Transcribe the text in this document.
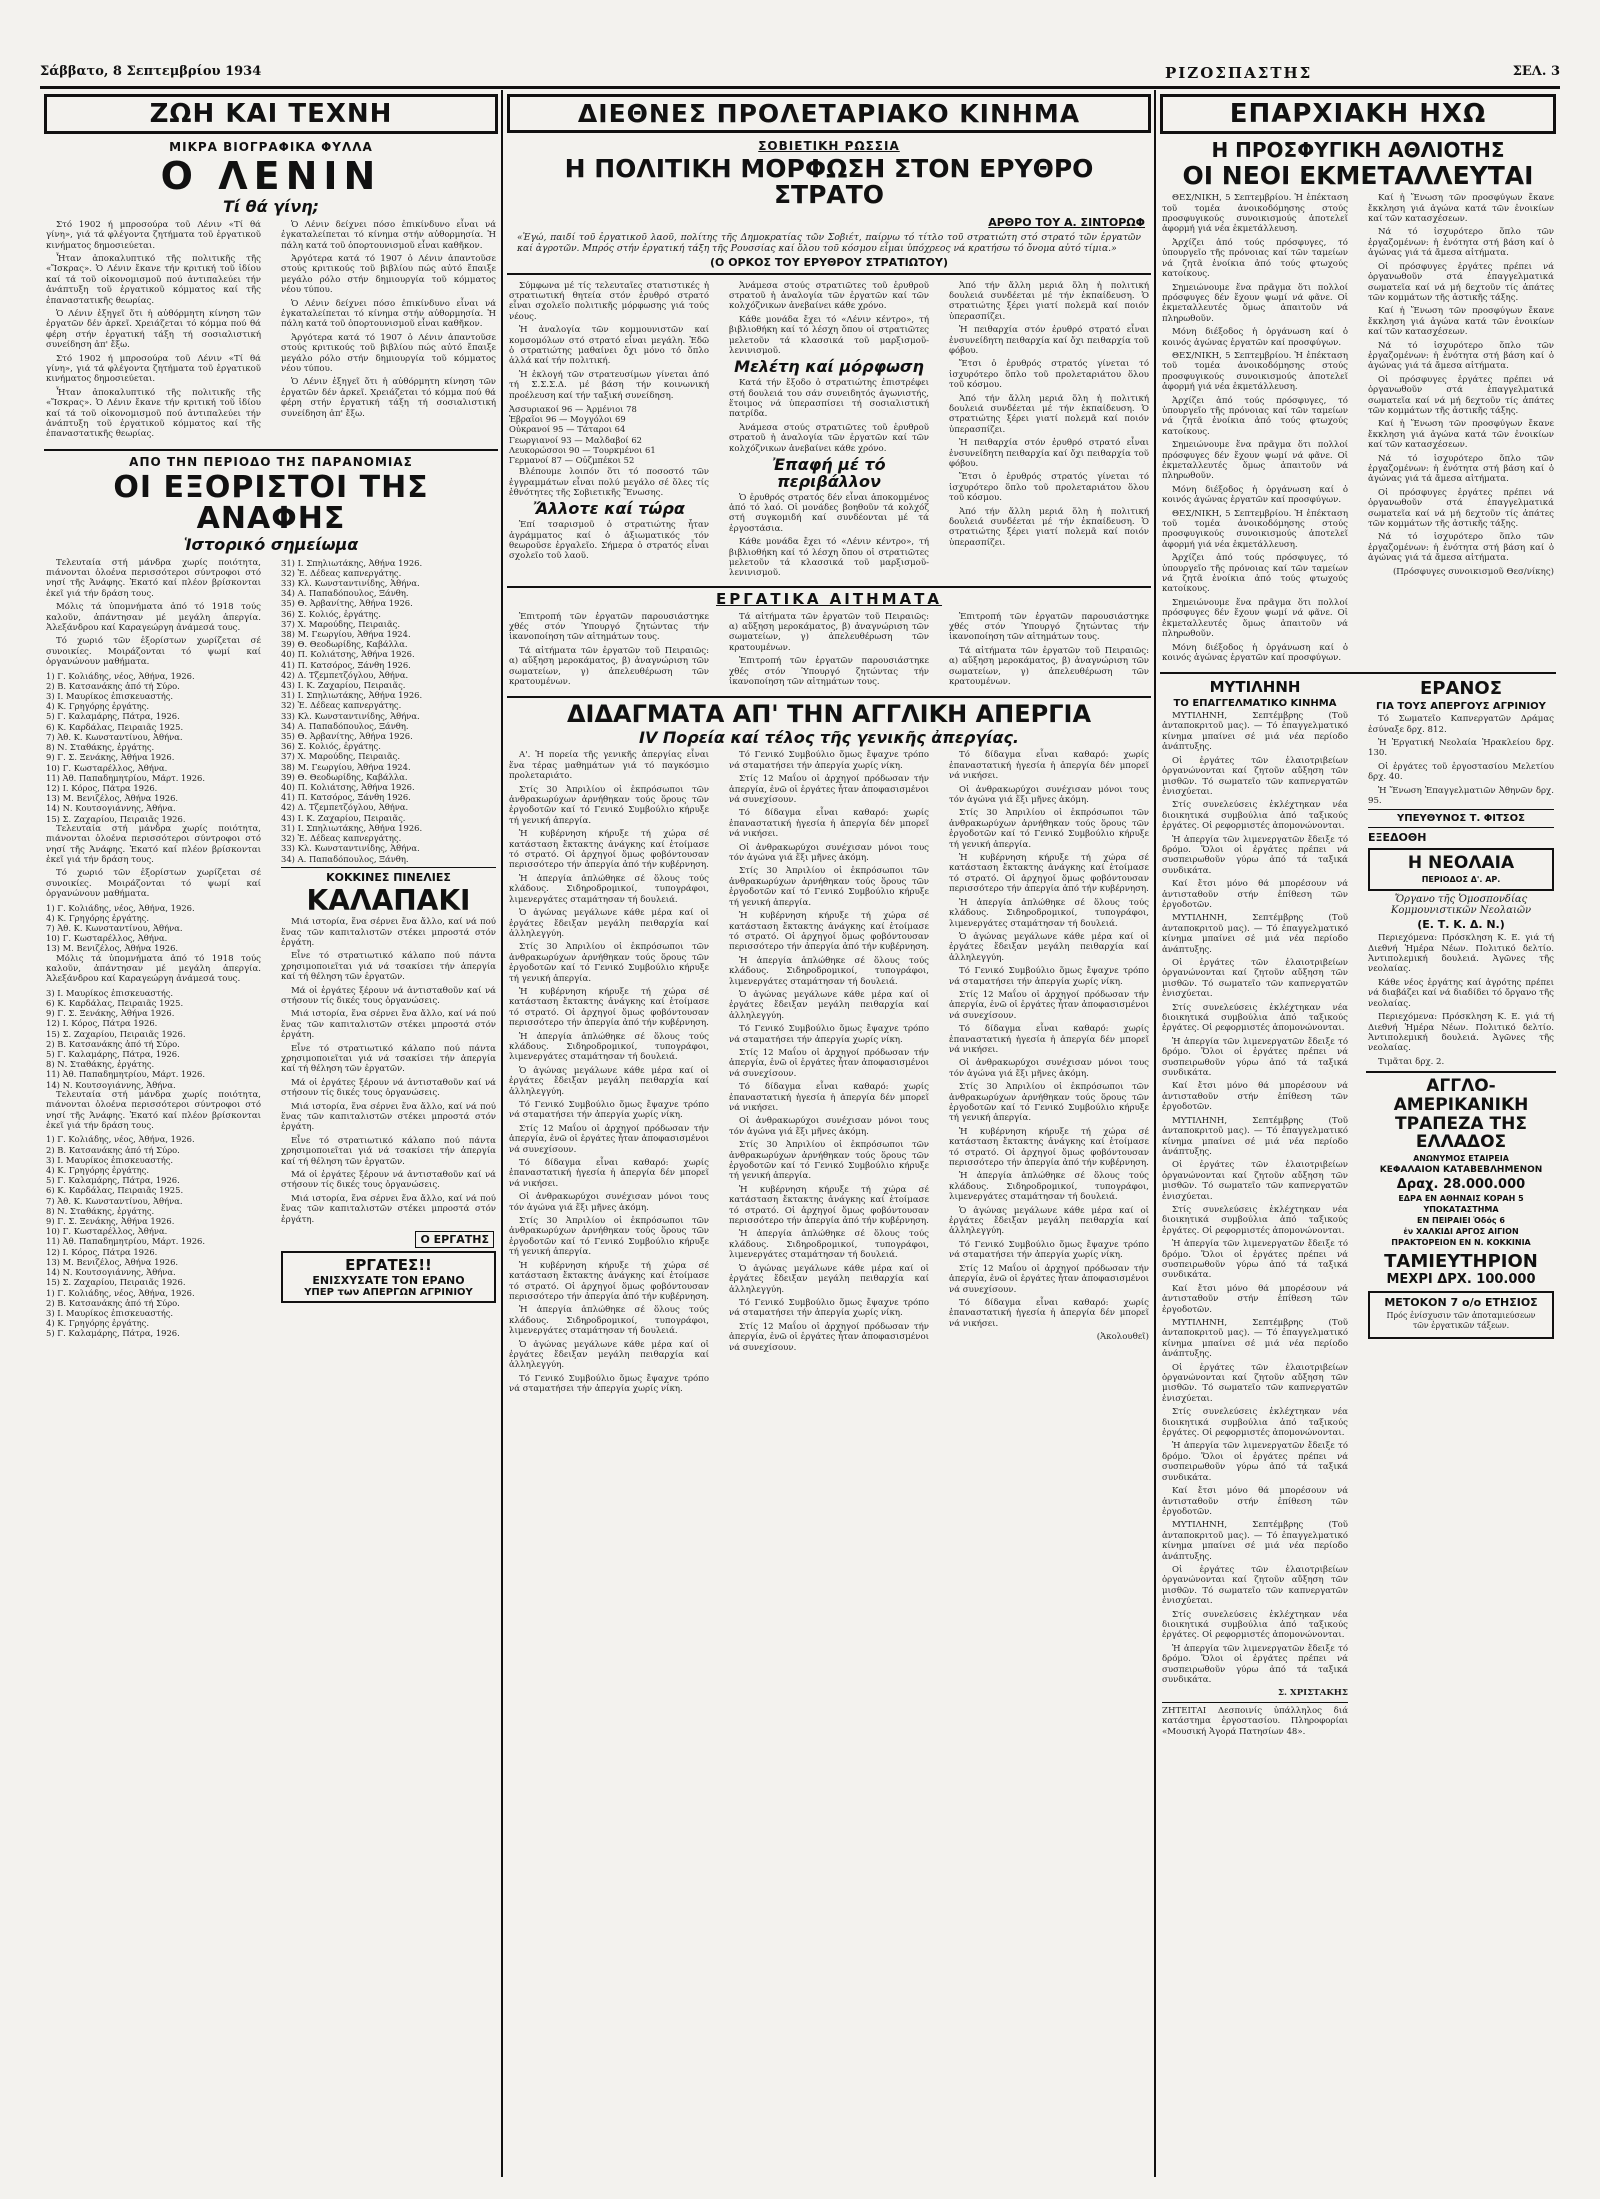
Σάββατο, 8 Σεπτεμβρίου 1934	ΡΙΖΟΣΠΑΣΤΗΣ	ΣΕΛ. 3
ΖΩΗ ΚΑΙ ΤΕΧΝΗ
ΜΙΚΡΑ ΒΙΟΓΡΑΦΙΚΑ ΦΥΛΛΑ
Ο ΛΕΝΙΝ
Τί θά γίνη;

Στό 1902 ή μπροσούρα τοῦ Λένιν «Τί θά γίνη», γιά τά φλέγοντα ζητήματα τοῦ ἐργατικοῦ κινήματος δημοσιεύεται.

Ἦταν ἀποκαλυπτικό τῆς πολιτικῆς τῆς «Ἴσκρας». Ὁ Λένιν ἔκανε τήν κριτική τοῦ ἰδίου καί τά τοῦ οἰκονομισμοῦ πού ἀντιπαλεύει τήν ἀνάπτυξη τοῦ ἐργατικοῦ κόμματος καί τῆς ἐπαναστατικῆς θεωρίας.

Ὁ Λένιν ἐξηγεῖ ὅτι ἡ αὐθόρμητη κίνηση τῶν ἐργατῶν δέν ἀρκεῖ. Χρειάζεται τό κόμμα πού θά φέρη στήν ἐργατική τάξη τή σοσιαλιστική συνείδηση ἀπ' ἔξω.

Στό 1902 ή μπροσούρα τοῦ Λένιν «Τί θά γίνη», γιά τά φλέγοντα ζητήματα τοῦ ἐργατικοῦ κινήματος δημοσιεύεται.

Ἦταν ἀποκαλυπτικό τῆς πολιτικῆς τῆς «Ἴσκρας». Ὁ Λένιν ἔκανε τήν κριτική τοῦ ἰδίου καί τά τοῦ οἰκονομισμοῦ πού ἀντιπαλεύει τήν ἀνάπτυξη τοῦ ἐργατικοῦ κόμματος καί τῆς ἐπαναστατικῆς θεωρίας.

Ὁ Λένιν δείχνει πόσο ἐπικίνδυνο εἶναι νά ἐγκαταλείπεται τό κίνημα στήν αὐθορμησία. Ἡ πάλη κατά τοῦ ὀπορτουνισμοῦ εἶναι καθῆκον.

Ἀργότερα κατά τό 1907 ὁ Λένιν ἀπαντοῦσε στούς κριτικούς τοῦ βιβλίου πώς αὐτό ἔπαιξε μεγάλο ρόλο στήν δημιουργία τοῦ κόμματος νέου τύπου.

Ὁ Λένιν δείχνει πόσο ἐπικίνδυνο εἶναι νά ἐγκαταλείπεται τό κίνημα στήν αὐθορμησία. Ἡ πάλη κατά τοῦ ὀπορτουνισμοῦ εἶναι καθῆκον.

Ἀργότερα κατά τό 1907 ὁ Λένιν ἀπαντοῦσε στούς κριτικούς τοῦ βιβλίου πώς αὐτό ἔπαιξε μεγάλο ρόλο στήν δημιουργία τοῦ κόμματος νέου τύπου.

Ὁ Λένιν ἐξηγεῖ ὅτι ἡ αὐθόρμητη κίνηση τῶν ἐργατῶν δέν ἀρκεῖ. Χρειάζεται τό κόμμα πού θά φέρη στήν ἐργατική τάξη τή σοσιαλιστική συνείδηση ἀπ' ἔξω.

ΑΠΟ ΤΗΝ ΠΕΡΙΟΔΟ ΤΗΣ ΠΑΡΑΝΟΜΙΑΣ
ΟΙ ΕΞΟΡΙΣΤΟΙ ΤΗΣ ΑΝΑΦΗΣ
Ἱστορικό σημείωμα

Τελευταία στή μάνδρα χωρίς ποιότητα, πιάνονται ὁλοένα περισσότεροι σύντροφοι στό νησί τῆς Ἀνάφης. Ἑκατό καί πλέον βρίσκονται ἐκεῖ γιά τήν δράση τους.

Μόλις τά ὑπομνήματα ἀπό τό 1918 τούς καλοῦν, ἀπάντησαν μέ μεγάλη ἀπεργία. Ἀλεξάνδρου καί Καραγεώργη ἀνάμεσά τους.

Τό χωριό τῶν ἐξορίστων χωρίζεται σέ συνοικίες. Μοιράζονται τό ψωμί καί ὀργανώνουν μαθήματα.

1) Γ. Κολιάδης, νέος, Ἀθήνα, 1926.
2) Β. Κατσανάκης ἀπό τή Σύρο.
3) Ι. Μαυρίκος ἐπισκευαστής.
4) Κ. Γρηγόρης ἐργάτης.
5) Γ. Καλαμάρης, Πάτρα, 1926.
6) Κ. Καρδάλας, Πειραιᾶς 1925.
7) Ἀθ. Κ. Κωνσταντίνου, Ἀθήνα.
8) Ν. Σταθάκης, ἐργάτης.
9) Γ. Σ. Ξενάκης, Ἀθήνα 1926.
10) Γ. Κωσταρέλλος, Ἀθήνα.
11) Ἀθ. Παπαδημητρίου, Μάρτ. 1926.
12) Ι. Κόρος, Πάτρα 1926.
13) Μ. Βενιζέλος, Ἀθήνα 1926.
14) Ν. Κουτσογιάννης, Ἀθήνα.
15) Σ. Ζαχαρίου, Πειραιᾶς 1926.

Τελευταία στή μάνδρα χωρίς ποιότητα, πιάνονται ὁλοένα περισσότεροι σύντροφοι στό νησί τῆς Ἀνάφης. Ἑκατό καί πλέον βρίσκονται ἐκεῖ γιά τήν δράση τους.

Τό χωριό τῶν ἐξορίστων χωρίζεται σέ συνοικίες. Μοιράζονται τό ψωμί καί ὀργανώνουν μαθήματα.

1) Γ. Κολιάδης, νέος, Ἀθήνα, 1926.
4) Κ. Γρηγόρης ἐργάτης.
7) Ἀθ. Κ. Κωνσταντίνου, Ἀθήνα.
10) Γ. Κωσταρέλλος, Ἀθήνα.
13) Μ. Βενιζέλος, Ἀθήνα 1926.

Μόλις τά ὑπομνήματα ἀπό τό 1918 τούς καλοῦν, ἀπάντησαν μέ μεγάλη ἀπεργία. Ἀλεξάνδρου καί Καραγεώργη ἀνάμεσά τους.

3) Ι. Μαυρίκος ἐπισκευαστής.
6) Κ. Καρδάλας, Πειραιᾶς 1925.
9) Γ. Σ. Ξενάκης, Ἀθήνα 1926.
12) Ι. Κόρος, Πάτρα 1926.
15) Σ. Ζαχαρίου, Πειραιᾶς 1926.
2) Β. Κατσανάκης ἀπό τή Σύρο.
5) Γ. Καλαμάρης, Πάτρα, 1926.
8) Ν. Σταθάκης, ἐργάτης.
11) Ἀθ. Παπαδημητρίου, Μάρτ. 1926.
14) Ν. Κουτσογιάννης, Ἀθήνα.

Τελευταία στή μάνδρα χωρίς ποιότητα, πιάνονται ὁλοένα περισσότεροι σύντροφοι στό νησί τῆς Ἀνάφης. Ἑκατό καί πλέον βρίσκονται ἐκεῖ γιά τήν δράση τους.

1) Γ. Κολιάδης, νέος, Ἀθήνα, 1926.
2) Β. Κατσανάκης ἀπό τή Σύρο.
3) Ι. Μαυρίκος ἐπισκευαστής.
4) Κ. Γρηγόρης ἐργάτης.
5) Γ. Καλαμάρης, Πάτρα, 1926.
6) Κ. Καρδάλας, Πειραιᾶς 1925.
7) Ἀθ. Κ. Κωνσταντίνου, Ἀθήνα.
8) Ν. Σταθάκης, ἐργάτης.
9) Γ. Σ. Ξενάκης, Ἀθήνα 1926.
10) Γ. Κωσταρέλλος, Ἀθήνα.
11) Ἀθ. Παπαδημητρίου, Μάρτ. 1926.
12) Ι. Κόρος, Πάτρα 1926.
13) Μ. Βενιζέλος, Ἀθήνα 1926.
14) Ν. Κουτσογιάννης, Ἀθήνα.
15) Σ. Ζαχαρίου, Πειραιᾶς 1926.
1) Γ. Κολιάδης, νέος, Ἀθήνα, 1926.
2) Β. Κατσανάκης ἀπό τή Σύρο.
3) Ι. Μαυρίκος ἐπισκευαστής.
4) Κ. Γρηγόρης ἐργάτης.
5) Γ. Καλαμάρης, Πάτρα, 1926.
31) Ι. Σπηλιωτάκης, Ἀθήνα 1926.
32) Ἐ. Δέδεας καπνεργάτης.
33) Κλ. Κωνσταντινίδης, Ἀθήνα.
34) Α. Παπαδόπουλος, Ξάνθη.
35) Θ. Ἀρβανίτης, Ἀθήνα 1926.
36) Σ. Κολιός, ἐργάτης.
37) Χ. Μαρούδης, Πειραιᾶς.
38) Μ. Γεωργίου, Ἀθήνα 1924.
39) Θ. Θεοδωρίδης, Καβάλλα.
40) Π. Κολιάτσης, Ἀθήνα 1926.
41) Π. Κατσόρος, Ξάνθη 1926.
42) Δ. Τζεμπετζόγλου, Ἀθήνα.
43) Ι. Κ. Ζαχαρίου, Πειραιᾶς.
31) Ι. Σπηλιωτάκης, Ἀθήνα 1926.
32) Ἐ. Δέδεας καπνεργάτης.
33) Κλ. Κωνσταντινίδης, Ἀθήνα.
34) Α. Παπαδόπουλος, Ξάνθη.
35) Θ. Ἀρβανίτης, Ἀθήνα 1926.
36) Σ. Κολιός, ἐργάτης.
37) Χ. Μαρούδης, Πειραιᾶς.
38) Μ. Γεωργίου, Ἀθήνα 1924.
39) Θ. Θεοδωρίδης, Καβάλλα.
40) Π. Κολιάτσης, Ἀθήνα 1926.
41) Π. Κατσόρος, Ξάνθη 1926.
42) Δ. Τζεμπετζόγλου, Ἀθήνα.
43) Ι. Κ. Ζαχαρίου, Πειραιᾶς.
31) Ι. Σπηλιωτάκης, Ἀθήνα 1926.
32) Ἐ. Δέδεας καπνεργάτης.
33) Κλ. Κωνσταντινίδης, Ἀθήνα.
34) Α. Παπαδόπουλος, Ξάνθη.
ΚΟΚΚΙΝΕΣ ΠΙΝΕΛΙΕΣ
ΚΑΛΑΠΑΚΙ

Μιά ιστορία, ἕνα σέρνει ἕνα ἄλλο, καί νά πού ἕνας τῶν καπιταλιστῶν στέκει μπροστά στόν ἐργάτη.

Εἶνε τό στρατιωτικό κάλαπο πού πάντα χρησιμοποιεῖται γιά νά τσακίσει τήν ἀπεργία καί τή θέληση τῶν ἐργατῶν.

Μά οἱ ἐργάτες ξέρουν νά ἀντισταθοῦν καί νά στήσουν τίς δικές τους ὀργανώσεις.

Μιά ιστορία, ἕνα σέρνει ἕνα ἄλλο, καί νά πού ἕνας τῶν καπιταλιστῶν στέκει μπροστά στόν ἐργάτη.

Εἶνε τό στρατιωτικό κάλαπο πού πάντα χρησιμοποιεῖται γιά νά τσακίσει τήν ἀπεργία καί τή θέληση τῶν ἐργατῶν.

Μά οἱ ἐργάτες ξέρουν νά ἀντισταθοῦν καί νά στήσουν τίς δικές τους ὀργανώσεις.

Μιά ιστορία, ἕνα σέρνει ἕνα ἄλλο, καί νά πού ἕνας τῶν καπιταλιστῶν στέκει μπροστά στόν ἐργάτη.

Εἶνε τό στρατιωτικό κάλαπο πού πάντα χρησιμοποιεῖται γιά νά τσακίσει τήν ἀπεργία καί τή θέληση τῶν ἐργατῶν.

Μά οἱ ἐργάτες ξέρουν νά ἀντισταθοῦν καί νά στήσουν τίς δικές τους ὀργανώσεις.

Μιά ιστορία, ἕνα σέρνει ἕνα ἄλλο, καί νά πού ἕνας τῶν καπιταλιστῶν στέκει μπροστά στόν ἐργάτη.

Ο ΕΡΓΑΤΗΣ
ΕΡΓΑΤΕΣ!!
ΕΝΙΣΧΥΣΑΤΕ ΤΟΝ ΕΡΑΝΟ
ΥΠΕΡ των ΑΠΕΡΓΩΝ ΑΓΡΙΝΙΟΥ
ΔΙΕΘΝΕΣ ΠΡΟΛΕΤΑΡΙΑΚΟ ΚΙΝΗΜΑ
ΣΟΒΙΕΤΙΚΗ ΡΩΣΣΙΑ
Η ΠΟΛΙΤΙΚΗ ΜΟΡΦΩΣΗ ΣΤΟΝ ΕΡΥΘΡΟ ΣΤΡΑΤΟ
ΑΡΘΡΟ ΤΟΥ Α. ΣΙΝΤΟΡΩΦ
«Ἐγώ, παιδί τοῦ ἐργατικοῦ λαοῦ, πολίτης τῆς Δημοκρατίας τῶν Σοβιέτ, παίρνω τό τίτλο τοῦ στρατιώτη στό στρατό τῶν ἐργατῶν καί ἀγροτῶν. Μπρός στήν ἐργατική τάξη τῆς Ρουσσίας καί ὅλου τοῦ κόσμου εἶμαι ὑπόχρεος νά κρατήσω τό ὄνομα αὐτό τίμια.»
(Ο ΟΡΚΟΣ ΤΟΥ ΕΡΥΘΡΟΥ ΣΤΡΑΤΙΩΤΟΥ)

Σύμφωνα μέ τίς τελευταῖες στατιστικές ἡ στρατιωτική θητεία στόν ἐρυθρό στρατό εἶναι σχολεῖο πολιτικῆς μόρφωσης γιά τούς νέους.

Ἡ ἀναλογία τῶν κομμουνιστῶν καί κομσομόλων στό στρατό εἶναι μεγάλη. Ἐδῶ ὁ στρατιώτης μαθαίνει ὄχι μόνο τό ὅπλο ἀλλά καί τήν πολιτική.

Ἡ ἐκλογή τῶν στρατευσίμων γίνεται ἀπό τή Σ.Σ.Σ.Δ. μέ βάση τήν κοινωνική προέλευση καί τήν ταξική συνείδηση.

Ἀσσυριακοί 96 — Ἀρμένιοι 78
Ἑβραῖοι 96 — Μογγόλοι 69
Οὐκρανοί 95 — Τάταροι 64
Γεωργιανοί 93 — Μαλδαβοί 62
Λευκορώσσοι 90 — Τουρκμένοι 61
Γερμανοί 87 — Οὐζμπέκοι 52

Βλέπουμε λοιπόν ὅτι τό ποσοστό τῶν ἐγγραμμάτων εἶναι πολύ μεγάλο σέ ὅλες τίς ἐθνότητες τῆς Σοβιετικῆς Ἕνωσης.

Ἄλλοτε καί τώρα

Ἐπί τσαρισμοῦ ὁ στρατιώτης ἦταν ἀγράμματος καί ὁ ἀξιωματικός τόν θεωροῦσε ἐργαλεῖο. Σήμερα ὁ στρατός εἶναι σχολεῖο τοῦ λαοῦ.

Ἀνάμεσα στούς στρατιῶτες τοῦ ἐρυθροῦ στρατοῦ ἡ ἀναλογία τῶν ἐργατῶν καί τῶν κολχόζνικων ἀνεβαίνει κάθε χρόνο.

Κάθε μονάδα ἔχει τό «Λένιν κέντρο», τή βιβλιοθήκη καί τό λέσχη ὅπου οἱ στρατιῶτες μελετοῦν τά κλασσικά τοῦ μαρξισμοῦ-λενινισμοῦ.

Μελέτη καί μόρφωση

Κατά τήν ἔξοδο ὁ στρατιώτης ἐπιστρέφει στή δουλειά του σάν συνειδητός ἀγωνιστής, ἕτοιμος νά ὑπερασπίσει τή σοσιαλιστική πατρίδα.

Ἀνάμεσα στούς στρατιῶτες τοῦ ἐρυθροῦ στρατοῦ ἡ ἀναλογία τῶν ἐργατῶν καί τῶν κολχόζνικων ἀνεβαίνει κάθε χρόνο.

Ἐπαφή μέ τό περιβάλλον

Ὁ ἐρυθρός στρατός δέν εἶναι ἀποκομμένος ἀπό τό λαό. Οἱ μονάδες βοηθοῦν τά κολχόζ στή συγκομιδή καί συνδέονται μέ τά ἐργοστάσια.

Κάθε μονάδα ἔχει τό «Λένιν κέντρο», τή βιβλιοθήκη καί τό λέσχη ὅπου οἱ στρατιῶτες μελετοῦν τά κλασσικά τοῦ μαρξισμοῦ-λενινισμοῦ.

Ἀπό τήν ἄλλη μεριά ὅλη ἡ πολιτική δουλειά συνδέεται μέ τήν ἐκπαίδευση. Ὁ στρατιώτης ξέρει γιατί πολεμᾶ καί ποιόν ὑπερασπίζει.

Ἡ πειθαρχία στόν ἐρυθρό στρατό εἶναι ἐνσυνείδητη πειθαρχία καί ὄχι πειθαρχία τοῦ φόβου.

Ἔτσι ὁ ἐρυθρός στρατός γίνεται τό ἰσχυρότερο ὅπλο τοῦ προλεταριάτου ὅλου τοῦ κόσμου.

Ἀπό τήν ἄλλη μεριά ὅλη ἡ πολιτική δουλειά συνδέεται μέ τήν ἐκπαίδευση. Ὁ στρατιώτης ξέρει γιατί πολεμᾶ καί ποιόν ὑπερασπίζει.

Ἡ πειθαρχία στόν ἐρυθρό στρατό εἶναι ἐνσυνείδητη πειθαρχία καί ὄχι πειθαρχία τοῦ φόβου.

Ἔτσι ὁ ἐρυθρός στρατός γίνεται τό ἰσχυρότερο ὅπλο τοῦ προλεταριάτου ὅλου τοῦ κόσμου.

Ἀπό τήν ἄλλη μεριά ὅλη ἡ πολιτική δουλειά συνδέεται μέ τήν ἐκπαίδευση. Ὁ στρατιώτης ξέρει γιατί πολεμᾶ καί ποιόν ὑπερασπίζει.

ΕΡΓΑΤΙΚΑ ΑΙΤΗΜΑΤΑ

Ἐπιτροπή τῶν ἐργατῶν παρουσιάστηκε χθές στόν Ὑπουργό ζητώντας τήν ἱκανοποίηση τῶν αἰτημάτων τους.

Τά αἰτήματα τῶν ἐργατῶν τοῦ Πειραιῶς: α) αὔξηση μεροκάματος, β) ἀναγνώριση τῶν σωματείων, γ) ἀπελευθέρωση τῶν κρατουμένων.

Τά αἰτήματα τῶν ἐργατῶν τοῦ Πειραιῶς: α) αὔξηση μεροκάματος, β) ἀναγνώριση τῶν σωματείων, γ) ἀπελευθέρωση τῶν κρατουμένων.

Ἐπιτροπή τῶν ἐργατῶν παρουσιάστηκε χθές στόν Ὑπουργό ζητώντας τήν ἱκανοποίηση τῶν αἰτημάτων τους.

Ἐπιτροπή τῶν ἐργατῶν παρουσιάστηκε χθές στόν Ὑπουργό ζητώντας τήν ἱκανοποίηση τῶν αἰτημάτων τους.

Τά αἰτήματα τῶν ἐργατῶν τοῦ Πειραιῶς: α) αὔξηση μεροκάματος, β) ἀναγνώριση τῶν σωματείων, γ) ἀπελευθέρωση τῶν κρατουμένων.

ΔΙΔΑΓΜΑΤΑ ΑΠ' ΤΗΝ ΑΓΓΛΙΚΗ ΑΠΕΡΓΙΑ
IV Πορεία καί τέλος τῆς γενικῆς ἀπεργίας.

Α'. Ἡ πορεία τῆς γενικῆς ἀπεργίας εἶναι ἕνα τέρας μαθημάτων γιά τό παγκόσμιο προλεταριάτο.

Στίς 30 Ἀπριλίου οἱ ἐκπρόσωποι τῶν ἀνθρακωρύχων ἀρνήθηκαν τούς ὅρους τῶν ἐργοδοτῶν καί τό Γενικό Συμβούλιο κήρυξε τή γενική ἀπεργία.

Ἡ κυβέρνηση κήρυξε τή χώρα σέ κατάσταση ἔκτακτης ἀνάγκης καί ἑτοίμασε τό στρατό. Οἱ ἀρχηγοί ὅμως φοβόντουσαν περισσότερο τήν ἀπεργία ἀπό τήν κυβέρνηση.

Ἡ ἀπεργία ἁπλώθηκε σέ ὅλους τούς κλάδους. Σιδηροδρομικοί, τυπογράφοι, λιμενεργάτες σταμάτησαν τή δουλειά.

Ὁ ἀγώνας μεγάλωνε κάθε μέρα καί οἱ ἐργάτες ἔδειξαν μεγάλη πειθαρχία καί ἀλληλεγγύη.

Στίς 30 Ἀπριλίου οἱ ἐκπρόσωποι τῶν ἀνθρακωρύχων ἀρνήθηκαν τούς ὅρους τῶν ἐργοδοτῶν καί τό Γενικό Συμβούλιο κήρυξε τή γενική ἀπεργία.

Ἡ κυβέρνηση κήρυξε τή χώρα σέ κατάσταση ἔκτακτης ἀνάγκης καί ἑτοίμασε τό στρατό. Οἱ ἀρχηγοί ὅμως φοβόντουσαν περισσότερο τήν ἀπεργία ἀπό τήν κυβέρνηση.

Ἡ ἀπεργία ἁπλώθηκε σέ ὅλους τούς κλάδους. Σιδηροδρομικοί, τυπογράφοι, λιμενεργάτες σταμάτησαν τή δουλειά.

Ὁ ἀγώνας μεγάλωνε κάθε μέρα καί οἱ ἐργάτες ἔδειξαν μεγάλη πειθαρχία καί ἀλληλεγγύη.

Τό Γενικό Συμβούλιο ὅμως ἔψαχνε τρόπο νά σταματήσει τήν ἀπεργία χωρίς νίκη.

Στίς 12 Μαΐου οἱ ἀρχηγοί πρόδωσαν τήν ἀπεργία, ἐνῶ οἱ ἐργάτες ἦταν ἀποφασισμένοι νά συνεχίσουν.

Τό δίδαγμα εἶναι καθαρό: χωρίς ἐπαναστατική ἡγεσία ἡ ἀπεργία δέν μπορεῖ νά νικήσει.

Οἱ ἀνθρακωρύχοι συνέχισαν μόνοι τους τόν ἀγώνα γιά ἕξι μῆνες ἀκόμη.

Στίς 30 Ἀπριλίου οἱ ἐκπρόσωποι τῶν ἀνθρακωρύχων ἀρνήθηκαν τούς ὅρους τῶν ἐργοδοτῶν καί τό Γενικό Συμβούλιο κήρυξε τή γενική ἀπεργία.

Ἡ κυβέρνηση κήρυξε τή χώρα σέ κατάσταση ἔκτακτης ἀνάγκης καί ἑτοίμασε τό στρατό. Οἱ ἀρχηγοί ὅμως φοβόντουσαν περισσότερο τήν ἀπεργία ἀπό τήν κυβέρνηση.

Ἡ ἀπεργία ἁπλώθηκε σέ ὅλους τούς κλάδους. Σιδηροδρομικοί, τυπογράφοι, λιμενεργάτες σταμάτησαν τή δουλειά.

Ὁ ἀγώνας μεγάλωνε κάθε μέρα καί οἱ ἐργάτες ἔδειξαν μεγάλη πειθαρχία καί ἀλληλεγγύη.

Τό Γενικό Συμβούλιο ὅμως ἔψαχνε τρόπο νά σταματήσει τήν ἀπεργία χωρίς νίκη.

Τό Γενικό Συμβούλιο ὅμως ἔψαχνε τρόπο νά σταματήσει τήν ἀπεργία χωρίς νίκη.

Στίς 12 Μαΐου οἱ ἀρχηγοί πρόδωσαν τήν ἀπεργία, ἐνῶ οἱ ἐργάτες ἦταν ἀποφασισμένοι νά συνεχίσουν.

Τό δίδαγμα εἶναι καθαρό: χωρίς ἐπαναστατική ἡγεσία ἡ ἀπεργία δέν μπορεῖ νά νικήσει.

Οἱ ἀνθρακωρύχοι συνέχισαν μόνοι τους τόν ἀγώνα γιά ἕξι μῆνες ἀκόμη.

Στίς 30 Ἀπριλίου οἱ ἐκπρόσωποι τῶν ἀνθρακωρύχων ἀρνήθηκαν τούς ὅρους τῶν ἐργοδοτῶν καί τό Γενικό Συμβούλιο κήρυξε τή γενική ἀπεργία.

Ἡ κυβέρνηση κήρυξε τή χώρα σέ κατάσταση ἔκτακτης ἀνάγκης καί ἑτοίμασε τό στρατό. Οἱ ἀρχηγοί ὅμως φοβόντουσαν περισσότερο τήν ἀπεργία ἀπό τήν κυβέρνηση.

Ἡ ἀπεργία ἁπλώθηκε σέ ὅλους τούς κλάδους. Σιδηροδρομικοί, τυπογράφοι, λιμενεργάτες σταμάτησαν τή δουλειά.

Ὁ ἀγώνας μεγάλωνε κάθε μέρα καί οἱ ἐργάτες ἔδειξαν μεγάλη πειθαρχία καί ἀλληλεγγύη.

Τό Γενικό Συμβούλιο ὅμως ἔψαχνε τρόπο νά σταματήσει τήν ἀπεργία χωρίς νίκη.

Στίς 12 Μαΐου οἱ ἀρχηγοί πρόδωσαν τήν ἀπεργία, ἐνῶ οἱ ἐργάτες ἦταν ἀποφασισμένοι νά συνεχίσουν.

Τό δίδαγμα εἶναι καθαρό: χωρίς ἐπαναστατική ἡγεσία ἡ ἀπεργία δέν μπορεῖ νά νικήσει.

Οἱ ἀνθρακωρύχοι συνέχισαν μόνοι τους τόν ἀγώνα γιά ἕξι μῆνες ἀκόμη.

Στίς 30 Ἀπριλίου οἱ ἐκπρόσωποι τῶν ἀνθρακωρύχων ἀρνήθηκαν τούς ὅρους τῶν ἐργοδοτῶν καί τό Γενικό Συμβούλιο κήρυξε τή γενική ἀπεργία.

Ἡ κυβέρνηση κήρυξε τή χώρα σέ κατάσταση ἔκτακτης ἀνάγκης καί ἑτοίμασε τό στρατό. Οἱ ἀρχηγοί ὅμως φοβόντουσαν περισσότερο τήν ἀπεργία ἀπό τήν κυβέρνηση.

Ἡ ἀπεργία ἁπλώθηκε σέ ὅλους τούς κλάδους. Σιδηροδρομικοί, τυπογράφοι, λιμενεργάτες σταμάτησαν τή δουλειά.

Ὁ ἀγώνας μεγάλωνε κάθε μέρα καί οἱ ἐργάτες ἔδειξαν μεγάλη πειθαρχία καί ἀλληλεγγύη.

Τό Γενικό Συμβούλιο ὅμως ἔψαχνε τρόπο νά σταματήσει τήν ἀπεργία χωρίς νίκη.

Στίς 12 Μαΐου οἱ ἀρχηγοί πρόδωσαν τήν ἀπεργία, ἐνῶ οἱ ἐργάτες ἦταν ἀποφασισμένοι νά συνεχίσουν.

Τό δίδαγμα εἶναι καθαρό: χωρίς ἐπαναστατική ἡγεσία ἡ ἀπεργία δέν μπορεῖ νά νικήσει.

Οἱ ἀνθρακωρύχοι συνέχισαν μόνοι τους τόν ἀγώνα γιά ἕξι μῆνες ἀκόμη.

Στίς 30 Ἀπριλίου οἱ ἐκπρόσωποι τῶν ἀνθρακωρύχων ἀρνήθηκαν τούς ὅρους τῶν ἐργοδοτῶν καί τό Γενικό Συμβούλιο κήρυξε τή γενική ἀπεργία.

Ἡ κυβέρνηση κήρυξε τή χώρα σέ κατάσταση ἔκτακτης ἀνάγκης καί ἑτοίμασε τό στρατό. Οἱ ἀρχηγοί ὅμως φοβόντουσαν περισσότερο τήν ἀπεργία ἀπό τήν κυβέρνηση.

Ἡ ἀπεργία ἁπλώθηκε σέ ὅλους τούς κλάδους. Σιδηροδρομικοί, τυπογράφοι, λιμενεργάτες σταμάτησαν τή δουλειά.

Ὁ ἀγώνας μεγάλωνε κάθε μέρα καί οἱ ἐργάτες ἔδειξαν μεγάλη πειθαρχία καί ἀλληλεγγύη.

Τό Γενικό Συμβούλιο ὅμως ἔψαχνε τρόπο νά σταματήσει τήν ἀπεργία χωρίς νίκη.

Στίς 12 Μαΐου οἱ ἀρχηγοί πρόδωσαν τήν ἀπεργία, ἐνῶ οἱ ἐργάτες ἦταν ἀποφασισμένοι νά συνεχίσουν.

Τό δίδαγμα εἶναι καθαρό: χωρίς ἐπαναστατική ἡγεσία ἡ ἀπεργία δέν μπορεῖ νά νικήσει.

Οἱ ἀνθρακωρύχοι συνέχισαν μόνοι τους τόν ἀγώνα γιά ἕξι μῆνες ἀκόμη.

Στίς 30 Ἀπριλίου οἱ ἐκπρόσωποι τῶν ἀνθρακωρύχων ἀρνήθηκαν τούς ὅρους τῶν ἐργοδοτῶν καί τό Γενικό Συμβούλιο κήρυξε τή γενική ἀπεργία.

Ἡ κυβέρνηση κήρυξε τή χώρα σέ κατάσταση ἔκτακτης ἀνάγκης καί ἑτοίμασε τό στρατό. Οἱ ἀρχηγοί ὅμως φοβόντουσαν περισσότερο τήν ἀπεργία ἀπό τήν κυβέρνηση.

Ἡ ἀπεργία ἁπλώθηκε σέ ὅλους τούς κλάδους. Σιδηροδρομικοί, τυπογράφοι, λιμενεργάτες σταμάτησαν τή δουλειά.

Ὁ ἀγώνας μεγάλωνε κάθε μέρα καί οἱ ἐργάτες ἔδειξαν μεγάλη πειθαρχία καί ἀλληλεγγύη.

Τό Γενικό Συμβούλιο ὅμως ἔψαχνε τρόπο νά σταματήσει τήν ἀπεργία χωρίς νίκη.

Στίς 12 Μαΐου οἱ ἀρχηγοί πρόδωσαν τήν ἀπεργία, ἐνῶ οἱ ἐργάτες ἦταν ἀποφασισμένοι νά συνεχίσουν.

Τό δίδαγμα εἶναι καθαρό: χωρίς ἐπαναστατική ἡγεσία ἡ ἀπεργία δέν μπορεῖ νά νικήσει.

(Ἀκολουθεῖ)

ΕΠΑΡΧΙΑΚΗ ΗΧΩ
Η ΠΡΟΣΦΥΓΙΚΗ ΑΘΛΙΟΤΗΣ
ΟΙ ΝΕΟΙ ΕΚΜΕΤΑΛΛΕΥΤΑΙ

ΘΕΣ/ΝΙΚΗ, 5 Σεπτεμβρίου. Ἡ ἐπέκταση τοῦ τομέα ἀνοικοδόμησης στούς προσφυγικούς συνοικισμούς ἀποτελεῖ ἀφορμή γιά νέα ἐκμετάλλευση.

Ἀρχίζει ἀπό τούς πρόσφυγες, τό ὑπουργεῖο τῆς πρόνοιας καί τῶν ταμείων νά ζητᾶ ἐνοίκια ἀπό τούς φτωχούς κατοίκους.

Σημειώνουμε ἕνα πρᾶγμα ὅτι πολλοί πρόσφυγες δέν ἔχουν ψωμί νά φᾶνε. Οἱ ἐκμεταλλευτές ὅμως ἀπαιτοῦν νά πληρωθοῦν.

Μόνη διέξοδος ἡ ὀργάνωση καί ὁ κοινός ἀγώνας ἐργατῶν καί προσφύγων.

ΘΕΣ/ΝΙΚΗ, 5 Σεπτεμβρίου. Ἡ ἐπέκταση τοῦ τομέα ἀνοικοδόμησης στούς προσφυγικούς συνοικισμούς ἀποτελεῖ ἀφορμή γιά νέα ἐκμετάλλευση.

Ἀρχίζει ἀπό τούς πρόσφυγες, τό ὑπουργεῖο τῆς πρόνοιας καί τῶν ταμείων νά ζητᾶ ἐνοίκια ἀπό τούς φτωχούς κατοίκους.

Σημειώνουμε ἕνα πρᾶγμα ὅτι πολλοί πρόσφυγες δέν ἔχουν ψωμί νά φᾶνε. Οἱ ἐκμεταλλευτές ὅμως ἀπαιτοῦν νά πληρωθοῦν.

Μόνη διέξοδος ἡ ὀργάνωση καί ὁ κοινός ἀγώνας ἐργατῶν καί προσφύγων.

ΘΕΣ/ΝΙΚΗ, 5 Σεπτεμβρίου. Ἡ ἐπέκταση τοῦ τομέα ἀνοικοδόμησης στούς προσφυγικούς συνοικισμούς ἀποτελεῖ ἀφορμή γιά νέα ἐκμετάλλευση.

Ἀρχίζει ἀπό τούς πρόσφυγες, τό ὑπουργεῖο τῆς πρόνοιας καί τῶν ταμείων νά ζητᾶ ἐνοίκια ἀπό τούς φτωχούς κατοίκους.

Σημειώνουμε ἕνα πρᾶγμα ὅτι πολλοί πρόσφυγες δέν ἔχουν ψωμί νά φᾶνε. Οἱ ἐκμεταλλευτές ὅμως ἀπαιτοῦν νά πληρωθοῦν.

Μόνη διέξοδος ἡ ὀργάνωση καί ὁ κοινός ἀγώνας ἐργατῶν καί προσφύγων.

Καί ἡ Ἕνωση τῶν προσφύγων ἔκανε ἔκκληση γιά ἀγώνα κατά τῶν ἐνοικίων καί τῶν κατασχέσεων.

Νά τό ἰσχυρότερο ὅπλο τῶν ἐργαζομένων: ἡ ἑνότητα στή βάση καί ὁ ἀγώνας γιά τά ἄμεσα αἰτήματα.

Οἱ πρόσφυγες ἐργάτες πρέπει νά ὀργανωθοῦν στά ἐπαγγελματικά σωματεῖα καί νά μή δεχτοῦν τίς ἀπάτες τῶν κομμάτων τῆς ἀστικῆς τάξης.

Καί ἡ Ἕνωση τῶν προσφύγων ἔκανε ἔκκληση γιά ἀγώνα κατά τῶν ἐνοικίων καί τῶν κατασχέσεων.

Νά τό ἰσχυρότερο ὅπλο τῶν ἐργαζομένων: ἡ ἑνότητα στή βάση καί ὁ ἀγώνας γιά τά ἄμεσα αἰτήματα.

Οἱ πρόσφυγες ἐργάτες πρέπει νά ὀργανωθοῦν στά ἐπαγγελματικά σωματεῖα καί νά μή δεχτοῦν τίς ἀπάτες τῶν κομμάτων τῆς ἀστικῆς τάξης.

Καί ἡ Ἕνωση τῶν προσφύγων ἔκανε ἔκκληση γιά ἀγώνα κατά τῶν ἐνοικίων καί τῶν κατασχέσεων.

Νά τό ἰσχυρότερο ὅπλο τῶν ἐργαζομένων: ἡ ἑνότητα στή βάση καί ὁ ἀγώνας γιά τά ἄμεσα αἰτήματα.

Οἱ πρόσφυγες ἐργάτες πρέπει νά ὀργανωθοῦν στά ἐπαγγελματικά σωματεῖα καί νά μή δεχτοῦν τίς ἀπάτες τῶν κομμάτων τῆς ἀστικῆς τάξης.

Νά τό ἰσχυρότερο ὅπλο τῶν ἐργαζομένων: ἡ ἑνότητα στή βάση καί ὁ ἀγώνας γιά τά ἄμεσα αἰτήματα.

(Πρόσφυγες συνοικισμοῦ Θεσ/νίκης)

ΜΥΤΙΛΗΝΗ
ΤΟ ΕΠΑΓΓΕΛΜΑΤΙΚΟ ΚΙΝΗΜΑ

ΜΥΤΙΛΗΝΗ, Σεπτέμβρης (Τοῦ ἀνταποκριτοῦ μας). — Τό ἐπαγγελματικό κίνημα μπαίνει σέ μιά νέα περίοδο ἀνάπτυξης.

Οἱ ἐργάτες τῶν ἐλαιοτριβείων ὀργανώνονται καί ζητοῦν αὔξηση τῶν μισθῶν. Τό σωματεῖο τῶν καπνεργατῶν ἐνισχύεται.

Στίς συνελεύσεις ἐκλέχτηκαν νέα διοικητικά συμβούλια ἀπό ταξικούς ἐργάτες. Οἱ ρεφορμιστές ἀπομονώνονται.

Ἡ ἀπεργία τῶν λιμενεργατῶν ἔδειξε τό δρόμο. Ὅλοι οἱ ἐργάτες πρέπει νά συσπειρωθοῦν γύρω ἀπό τά ταξικά συνδικάτα.

Καί ἔτσι μόνο θά μπορέσουν νά ἀντισταθοῦν στήν ἐπίθεση τῶν ἐργοδοτῶν.

ΜΥΤΙΛΗΝΗ, Σεπτέμβρης (Τοῦ ἀνταποκριτοῦ μας). — Τό ἐπαγγελματικό κίνημα μπαίνει σέ μιά νέα περίοδο ἀνάπτυξης.

Οἱ ἐργάτες τῶν ἐλαιοτριβείων ὀργανώνονται καί ζητοῦν αὔξηση τῶν μισθῶν. Τό σωματεῖο τῶν καπνεργατῶν ἐνισχύεται.

Στίς συνελεύσεις ἐκλέχτηκαν νέα διοικητικά συμβούλια ἀπό ταξικούς ἐργάτες. Οἱ ρεφορμιστές ἀπομονώνονται.

Ἡ ἀπεργία τῶν λιμενεργατῶν ἔδειξε τό δρόμο. Ὅλοι οἱ ἐργάτες πρέπει νά συσπειρωθοῦν γύρω ἀπό τά ταξικά συνδικάτα.

Καί ἔτσι μόνο θά μπορέσουν νά ἀντισταθοῦν στήν ἐπίθεση τῶν ἐργοδοτῶν.

ΜΥΤΙΛΗΝΗ, Σεπτέμβρης (Τοῦ ἀνταποκριτοῦ μας). — Τό ἐπαγγελματικό κίνημα μπαίνει σέ μιά νέα περίοδο ἀνάπτυξης.

Οἱ ἐργάτες τῶν ἐλαιοτριβείων ὀργανώνονται καί ζητοῦν αὔξηση τῶν μισθῶν. Τό σωματεῖο τῶν καπνεργατῶν ἐνισχύεται.

Στίς συνελεύσεις ἐκλέχτηκαν νέα διοικητικά συμβούλια ἀπό ταξικούς ἐργάτες. Οἱ ρεφορμιστές ἀπομονώνονται.

Ἡ ἀπεργία τῶν λιμενεργατῶν ἔδειξε τό δρόμο. Ὅλοι οἱ ἐργάτες πρέπει νά συσπειρωθοῦν γύρω ἀπό τά ταξικά συνδικάτα.

Καί ἔτσι μόνο θά μπορέσουν νά ἀντισταθοῦν στήν ἐπίθεση τῶν ἐργοδοτῶν.

ΜΥΤΙΛΗΝΗ, Σεπτέμβρης (Τοῦ ἀνταποκριτοῦ μας). — Τό ἐπαγγελματικό κίνημα μπαίνει σέ μιά νέα περίοδο ἀνάπτυξης.

Οἱ ἐργάτες τῶν ἐλαιοτριβείων ὀργανώνονται καί ζητοῦν αὔξηση τῶν μισθῶν. Τό σωματεῖο τῶν καπνεργατῶν ἐνισχύεται.

Στίς συνελεύσεις ἐκλέχτηκαν νέα διοικητικά συμβούλια ἀπό ταξικούς ἐργάτες. Οἱ ρεφορμιστές ἀπομονώνονται.

Ἡ ἀπεργία τῶν λιμενεργατῶν ἔδειξε τό δρόμο. Ὅλοι οἱ ἐργάτες πρέπει νά συσπειρωθοῦν γύρω ἀπό τά ταξικά συνδικάτα.

Καί ἔτσι μόνο θά μπορέσουν νά ἀντισταθοῦν στήν ἐπίθεση τῶν ἐργοδοτῶν.

ΜΥΤΙΛΗΝΗ, Σεπτέμβρης (Τοῦ ἀνταποκριτοῦ μας). — Τό ἐπαγγελματικό κίνημα μπαίνει σέ μιά νέα περίοδο ἀνάπτυξης.

Οἱ ἐργάτες τῶν ἐλαιοτριβείων ὀργανώνονται καί ζητοῦν αὔξηση τῶν μισθῶν. Τό σωματεῖο τῶν καπνεργατῶν ἐνισχύεται.

Στίς συνελεύσεις ἐκλέχτηκαν νέα διοικητικά συμβούλια ἀπό ταξικούς ἐργάτες. Οἱ ρεφορμιστές ἀπομονώνονται.

Ἡ ἀπεργία τῶν λιμενεργατῶν ἔδειξε τό δρόμο. Ὅλοι οἱ ἐργάτες πρέπει νά συσπειρωθοῦν γύρω ἀπό τά ταξικά συνδικάτα.

Σ. ΧΡΙΣΤΑΚΗΣ

ΖΗΤΕΙΤΑΙ Δεσποινίς ὑπάλληλος διά κατάστημα ἐργοστασίου. Πληροφορίαι «Μουσική Ἀγορά Πατησίων 48».
ΕΡΑΝΟΣ
ΓΙΑ ΤΟΥΣ ΑΠΕΡΓΟΥΣ ΑΓΡΙΝΙΟΥ

Τό Σωματεῖο Καπνεργατῶν Δράμας ἐσύναξε δρχ. 812.

Ἡ Ἐργατική Νεολαία Ἡρακλείου δρχ. 130.

Οἱ ἐργάτες τοῦ ἐργοστασίου Μελετίου δρχ. 40.

Ἡ Ἕνωση Ἐπαγγελματιῶν Ἀθηνῶν δρχ. 95.

ΥΠΕΥΘΥΝΟΣ Τ. ΦΙΤΣΟΣ
ΕΞΕΔΟΘΗ
Η ΝΕΟΛΑΙΑ
ΠΕΡΙΟΔΟΣ Δ'. ΑΡ.
Ὄργανο τῆς Ὁμοσπονδίας Κομμουνιστικῶν Νεολαιῶν
(Ε. Τ. Κ. Δ. Ν.)

Περιεχόμενα: Πρόσκληση Κ. Ε. γιά τή Διεθνή Ἡμέρα Νέων. Πολιτικό δελτίο. Ἀντιπολεμική δουλειά. Ἀγῶνες τῆς νεολαίας.

Κάθε νέος ἐργάτης καί ἀγρότης πρέπει νά διαβάζει καί νά διαδίδει τό ὄργανο τῆς νεολαίας.

Περιεχόμενα: Πρόσκληση Κ. Ε. γιά τή Διεθνή Ἡμέρα Νέων. Πολιτικό δελτίο. Ἀντιπολεμική δουλειά. Ἀγῶνες τῆς νεολαίας.

Τιμᾶται δρχ. 2.

ΑΓΓΛΟ-ΑΜΕΡΙΚΑΝΙΚΗ ΤΡΑΠΕΖΑ ΤΗΣ ΕΛΛΑΔΟΣ
ΑΝΩΝΥΜΟΣ ΕΤΑΙΡΕΙΑ
ΚΕΦΑΛΑΙΟΝ ΚΑΤΑΒΕΒΛΗΜΕΝΟΝ
Δραχ. 28.000.000
ΕΔΡΑ ΕΝ ΑΘΗΝΑΙΣ ΚΟΡΑΗ 5
ΥΠΟΚΑΤΑΣΤΗΜΑ
ΕΝ ΠΕΙΡΑΙΕΙ Ὁδός 6
ἐν ΧΑΛΚΙΔΙ ΑΡΓΟΣ ΑΙΓΙΟΝ
ΠΡΑΚΤΟΡΕΙΟΝ ΕΝ Ν. ΚΟΚΚΙΝΙΑ
ΤΑΜΙΕΥΤΗΡΙΟΝ
ΜΕΧΡΙ ΔΡΧ. 100.000
ΜΕΤΟΚΟΝ 7 ο/ο ΕΤΗΣΙΟΣ
Πρός ἐνίσχυσιν τῶν ἀποταμιεύσεων τῶν ἐργατικῶν τάξεων.
